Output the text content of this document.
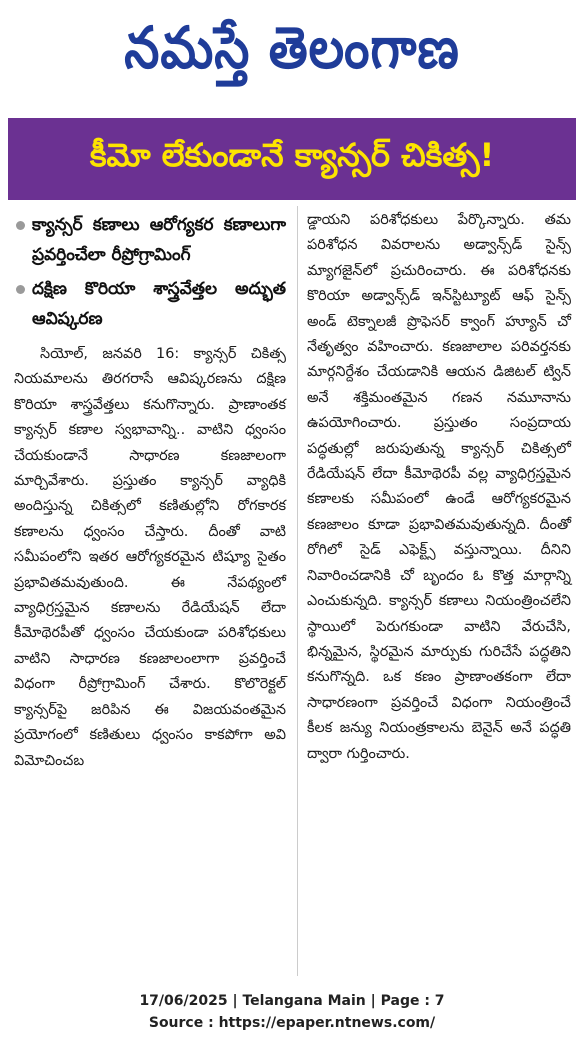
నమస్తే తెలంగాణ
కీమో లేకుండానే క్యాన్సర్ చికిత్స!
క్యాన్సర్ కణాలు ఆరోగ్యకర కణాలుగా ప్రవర్తించేలా రీప్రోగ్రామింగ్
దక్షిణ కొరియా శాస్త్రవేత్తల అద్భుత ఆవిష్కరణ

సియోల్, జనవరి 16: క్యాన్సర్ చికిత్స నియమాలను తిరగరాసే ఆవిష్కరణను దక్షిణ కొరియా శాస్త్రవేత్తలు కనుగొన్నారు. ప్రాణాంతక క్యాన్సర్ కణాల స్వభావాన్ని.. వాటిని ధ్వంసం చేయకుండానే సాధారణ కణజాలంగా మార్చివేశారు. ప్రస్తుతం క్యాన్సర్ వ్యాధికి అందిస్తున్న చికిత్సలో కణితుల్లోని రోగకారక కణాలను ధ్వంసం చేస్తారు. దీంతో వాటి సమీపంలోని ఇతర ఆరోగ్యకరమైన టిష్యూ సైతం ప్రభావితమవుతుంది. ఈ నేపథ్యంలో వ్యాధిగ్రస్తమైన కణాలను రేడియేషన్ లేదా కీమోథెరపీతో ధ్వంసం చేయకుండా పరిశోధకులు వాటిని సాధారణ కణజాలంలాగా ప్రవర్తించే విధంగా రీప్రోగ్రామింగ్ చేశారు. కొలొరెక్టల్ క్యాన్సర్‌పై జరిపిన ఈ విజయవంతమైన ప్రయోగంలో కణితులు ధ్వంసం కాకపోగా అవి విమోచించబ

డ్డాయని పరిశోధకులు పేర్కొన్నారు. తమ పరిశోధన వివరాలను అడ్వాన్స్‌డ్ సైన్స్ మ్యాగజైన్‌లో ప్రచురించారు. ఈ పరిశోధనకు కొరియా అడ్వాన్స్‌డ్ ఇన్‌స్టిట్యూట్ ఆఫ్ సైన్స్ అండ్ టెక్నాలజీ ప్రొఫెసర్ క్వాంగ్ హ్యూన్ చో నేతృత్వం వహించారు. కణజాలాల పరివర్తనకు మార్గనిర్దేశం చేయడానికి ఆయన డిజిటల్ ట్విన్ అనే శక్తిమంతమైన గణన నమూనాను ఉపయోగించారు. ప్రస్తుతం సంప్రదాయ పద్ధతుల్లో జరుపుతున్న క్యాన్సర్ చికిత్సలో రేడియేషన్ లేదా కీమోథెరపీ వల్ల వ్యాధిగ్రస్తమైన కణాలకు సమీపంలో ఉండే ఆరోగ్యకరమైన కణజాలం కూడా ప్రభావితమవుతున్నది. దీంతో రోగిలో సైడ్ ఎఫెక్ట్స్ వస్తున్నాయి. దీనిని నివారించడానికి చో బృందం ఓ కొత్త మార్గాన్ని ఎంచుకున్నది. క్యాన్సర్ కణాలు నియంత్రించలేని స్థాయిలో పెరుగకుండా వాటిని వేరుచేసి, భిన్నమైన, స్థిరమైన మార్పుకు గురిచేసే పద్ధతిని కనుగొన్నది. ఒక కణం ప్రాణాంతకంగా లేదా సాధారణంగా ప్రవర్తించే విధంగా నియంత్రించే కీలక జన్యు నియంత్రకాలను బెనైన్ అనే పద్ధతి ద్వారా గుర్తించారు.

17/06/2025 | Telangana Main | Page : 7
Source : https://epaper.ntnews.com/
